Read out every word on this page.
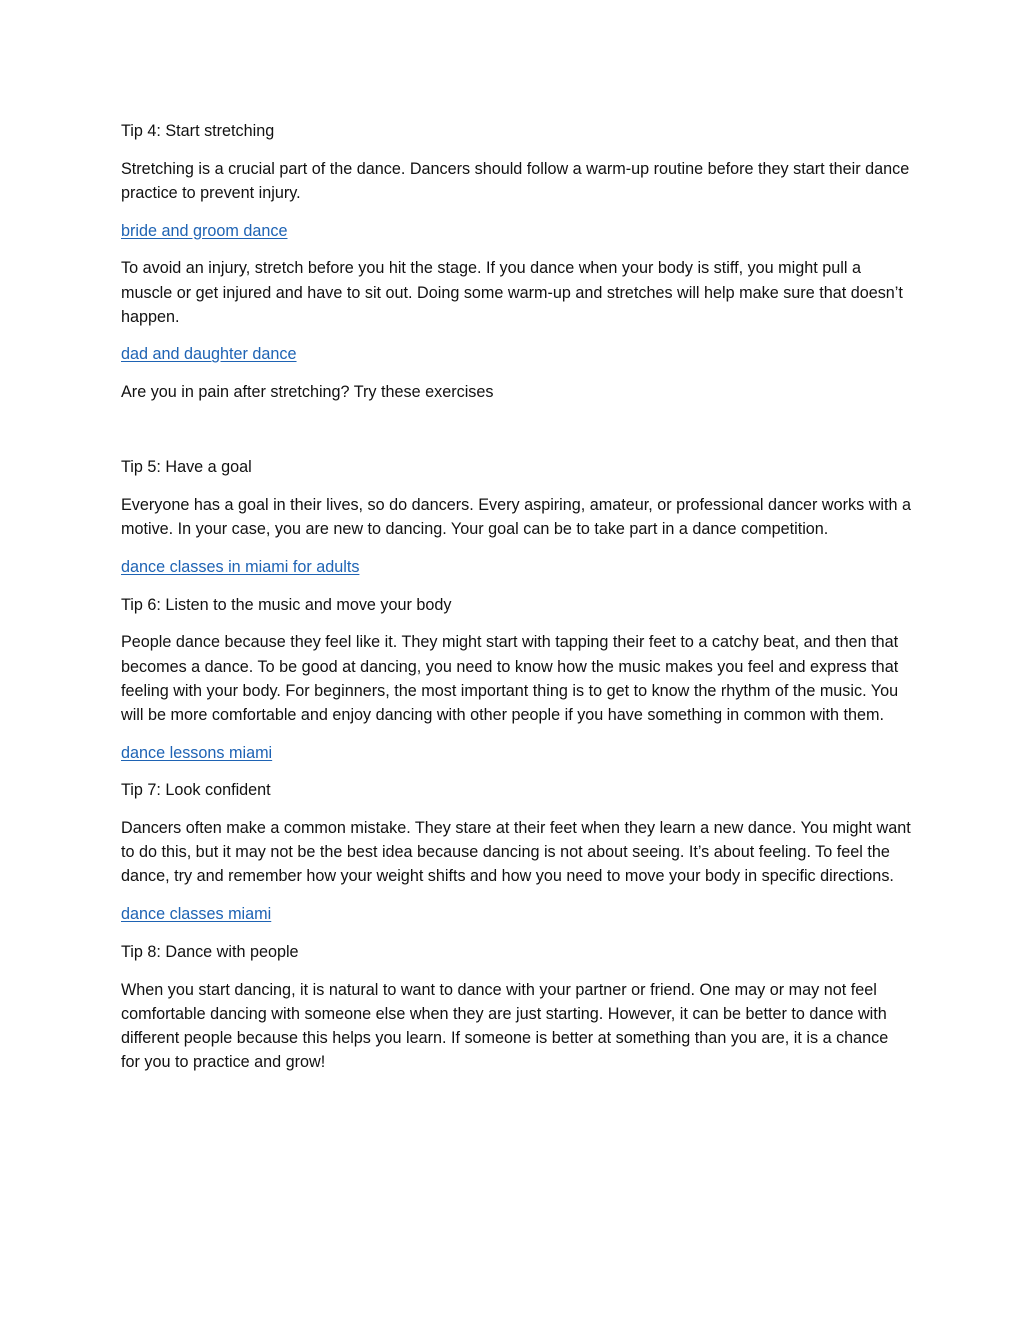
Tip 4: Start stretching

Stretching is a crucial part of the dance. Dancers should follow a warm-up routine before they start their dance practice to prevent injury.

bride and groom dance

To avoid an injury, stretch before you hit the stage. If you dance when your body is stiff, you might pull a muscle or get injured and have to sit out. Doing some warm-up and stretches will help make sure that doesn’t happen.

dad and daughter dance

Are you in pain after stretching? Try these exercises

Tip 5: Have a goal

Everyone has a goal in their lives, so do dancers. Every aspiring, amateur, or professional dancer works with a motive. In your case, you are new to dancing. Your goal can be to take part in a dance competition.

dance classes in miami for adults

Tip 6: Listen to the music and move your body

People dance because they feel like it. They might start with tapping their feet to a catchy beat, and then that becomes a dance. To be good at dancing, you need to know how the music makes you feel and express that feeling with your body. For beginners, the most important thing is to get to know the rhythm of the music. You will be more comfortable and enjoy dancing with other people if you have something in common with them.

dance lessons miami

Tip 7: Look confident

Dancers often make a common mistake. They stare at their feet when they learn a new dance. You might want to do this, but it may not be the best idea because dancing is not about seeing. It’s about feeling. To feel the dance, try and remember how your weight shifts and how you need to move your body in specific directions.

dance classes miami

Tip 8: Dance with people

When you start dancing, it is natural to want to dance with your partner or friend. One may or may not feel comfortable dancing with someone else when they are just starting. However, it can be better to dance with different people because this helps you learn. If someone is better at something than you are, it is a chance for you to practice and grow!
